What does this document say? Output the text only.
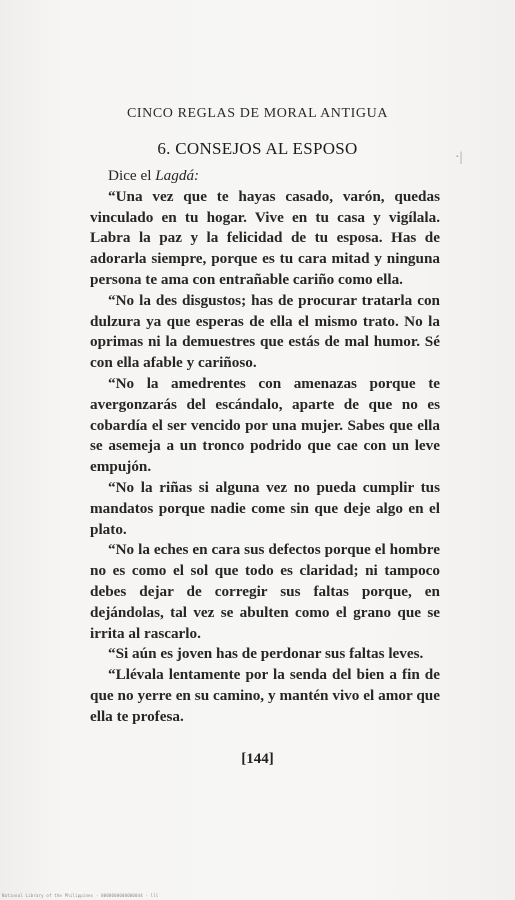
CINCO REGLAS DE MORAL ANTIGUA
6. CONSEJOS AL ESPOSO	·|

Dice el Lagdá:

“Una vez que te hayas casado, varón, quedas vinculado en tu hogar. Vive en tu casa y vigílala. Labra la paz y la felicidad de tu esposa. Has de adorarla siempre, porque es tu cara mitad y ninguna persona te ama con entrañable cariño como ella.

“No la des disgustos; has de procurar tratarla con dulzura ya que esperas de ella el mismo trato. No la oprimas ni la demuestres que estás de mal humor. Sé con ella afable y cariñoso.

“No la amedrentes con amenazas porque te avergonzarás del escándalo, aparte de que no es cobardía el ser vencido por una mujer. Sabes que ella se asemeja a un tronco podrido que cae con un leve empujón.

“No la riñas si alguna vez no pueda cumplir tus mandatos porque nadie come sin que deje algo en el plato.

“No la eches en cara sus defectos porque el hombre no es como el sol que todo es claridad; ni tampoco debes dejar de corregir sus faltas porque, en dejándolas, tal vez se abulten como el grano que se irrita al rascarlo.

“Si aún es joven has de perdonar sus faltas leves.

“Llévala lentamente por la senda del bien a fin de que no yerre en su camino, y mantén vivo el amor que ella te profesa.

[144]
National Library of the Philippines · 0000000000000044 · lll
